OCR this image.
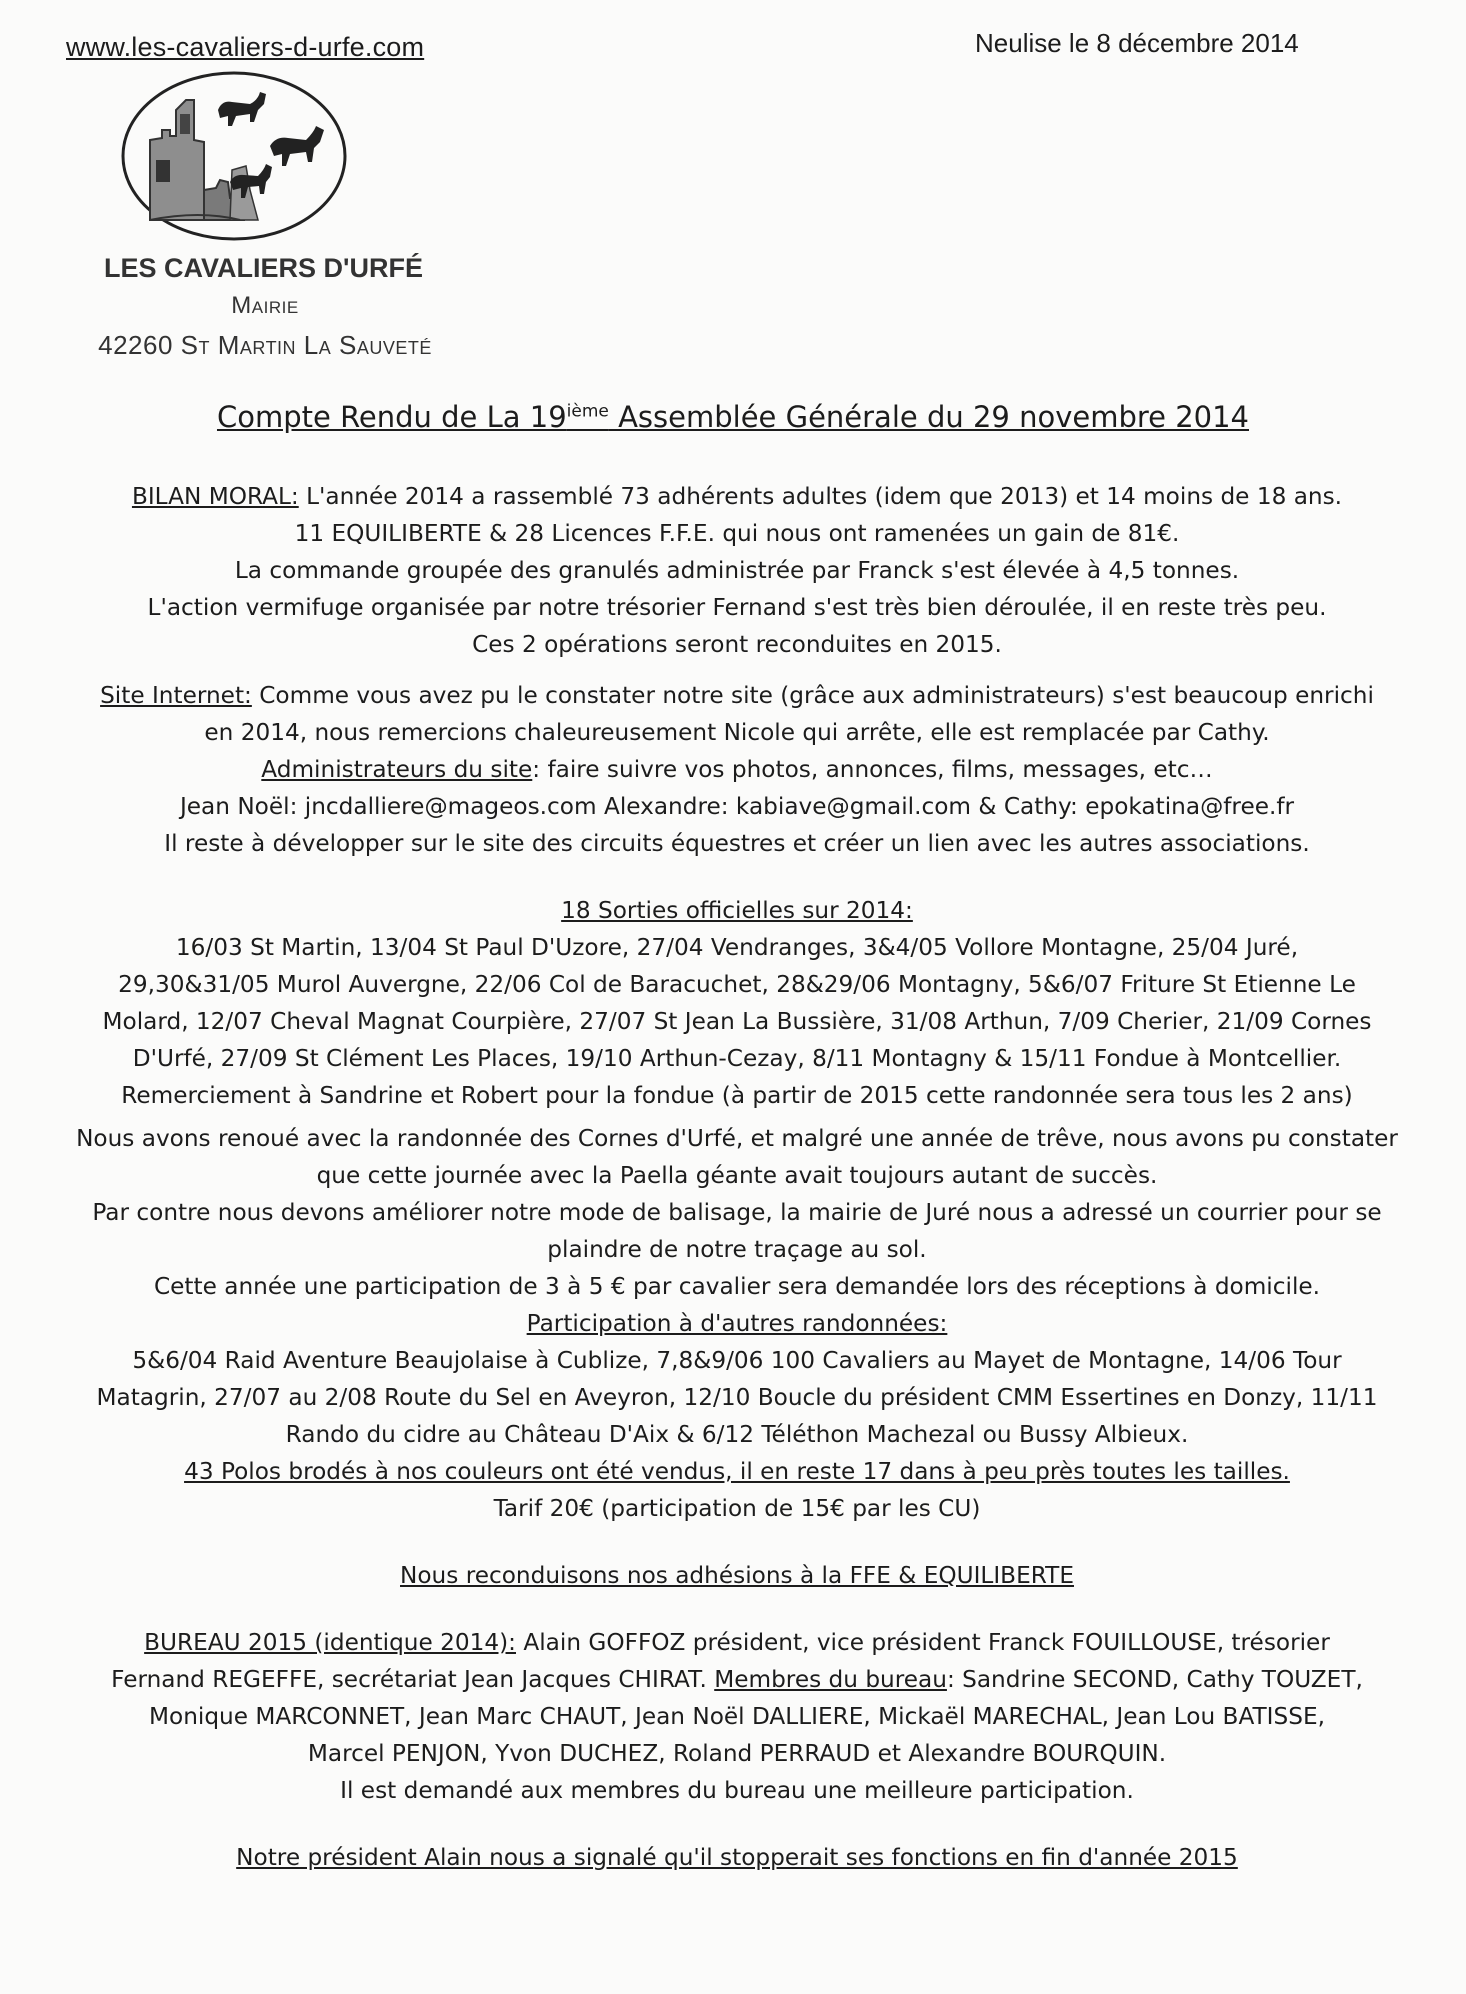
www.les-cavaliers-d-urfe.com	Neulise le 8 décembre 2014
LES CAVALIERS D'URFÉ
Mairie
42260 St Martin La Sauveté
Compte Rendu de La 19ième Assemblée Générale du 29 novembre 2014

BILAN MORAL: L'année 2014 a rassemblé 73 adhérents adultes (idem que 2013) et 14 moins de 18 ans.

11 EQUILIBERTE & 28 Licences F.F.E. qui nous ont ramenées un gain de 81€.

La commande groupée des granulés administrée par Franck s'est élevée à 4,5 tonnes.

L'action vermifuge organisée par notre trésorier Fernand s'est très bien déroulée, il en reste très peu.

Ces 2 opérations seront reconduites en 2015.

Site Internet: Comme vous avez pu le constater notre site (grâce aux administrateurs) s'est beaucoup enrichi

en 2014, nous remercions chaleureusement Nicole qui arrête, elle est remplacée par Cathy.

Administrateurs du site: faire suivre vos photos, annonces, films, messages, etc…

Jean Noël: jncdalliere@mageos.com Alexandre: kabiave@gmail.com & Cathy: epokatina@free.fr

Il reste à développer sur le site des circuits équestres et créer un lien avec les autres associations.

18 Sorties officielles sur 2014:

16/03 St Martin, 13/04 St Paul D'Uzore, 27/04 Vendranges, 3&4/05 Vollore Montagne, 25/04 Juré,

29,30&31/05 Murol Auvergne, 22/06 Col de Baracuchet, 28&29/06 Montagny, 5&6/07 Friture St Etienne Le

Molard, 12/07 Cheval Magnat Courpière, 27/07 St Jean La Bussière, 31/08 Arthun, 7/09 Cherier, 21/09 Cornes

D'Urfé, 27/09 St Clément Les Places, 19/10 Arthun-Cezay, 8/11 Montagny & 15/11 Fondue à Montcellier.

Remerciement à Sandrine et Robert pour la fondue (à partir de 2015 cette randonnée sera tous les 2 ans)

Nous avons renoué avec la randonnée des Cornes d'Urfé, et malgré une année de trêve, nous avons pu constater

que cette journée avec la Paella géante avait toujours autant de succès.

Par contre nous devons améliorer notre mode de balisage, la mairie de Juré nous a adressé un courrier pour se

plaindre de notre traçage au sol.

Cette année une participation de 3 à 5 € par cavalier sera demandée lors des réceptions à domicile.

Participation à d'autres randonnées:

5&6/04 Raid Aventure Beaujolaise à Cublize, 7,8&9/06 100 Cavaliers au Mayet de Montagne, 14/06 Tour

Matagrin, 27/07 au 2/08 Route du Sel en Aveyron, 12/10 Boucle du président CMM Essertines en Donzy, 11/11

Rando du cidre au Château D'Aix & 6/12 Téléthon Machezal ou Bussy Albieux.

43 Polos brodés à nos couleurs ont été vendus, il en reste 17 dans à peu près toutes les tailles.

Tarif 20€ (participation de 15€ par les CU)

Nous reconduisons nos adhésions à la FFE & EQUILIBERTE

BUREAU 2015 (identique 2014): Alain GOFFOZ président, vice président Franck FOUILLOUSE, trésorier

Fernand REGEFFE, secrétariat Jean Jacques CHIRAT. Membres du bureau: Sandrine SECOND, Cathy TOUZET,

Monique MARCONNET, Jean Marc CHAUT, Jean Noël DALLIERE, Mickaël MARECHAL, Jean Lou BATISSE,

Marcel PENJON, Yvon DUCHEZ, Roland PERRAUD et Alexandre BOURQUIN.

Il est demandé aux membres du bureau une meilleure participation.

Notre président Alain nous a signalé qu'il stopperait ses fonctions en fin d'année 2015
